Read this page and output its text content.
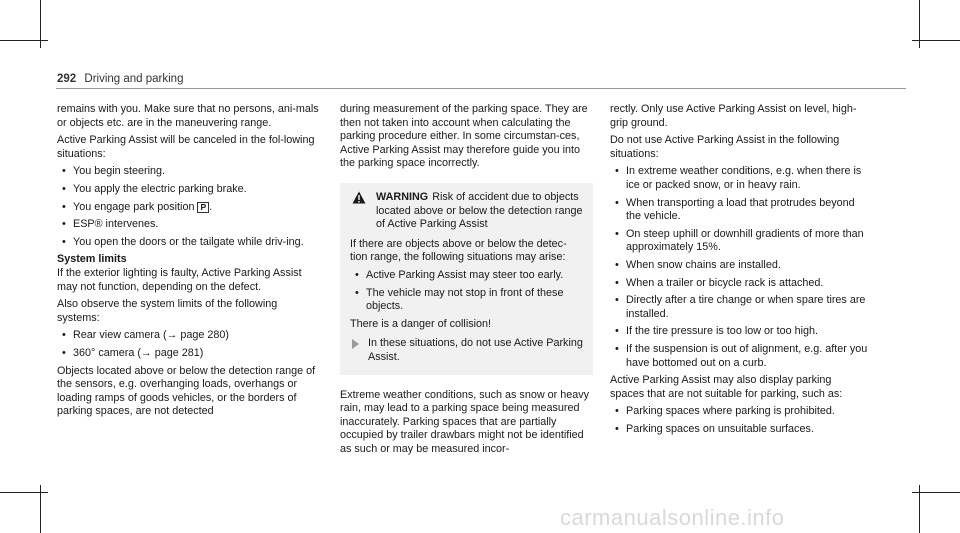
292 Driving and parking

remains with you. Make sure that no persons, ani-mals or objects etc. are in the maneuvering range.

Active Parking Assist will be canceled in the fol-lowing situations:

• You begin steering.
• You apply the electric parking brake.
• You engage park position P .
• ESP® intervenes.
• You open the doors or the tailgate while driv-ing.
System limits

If the exterior lighting is faulty, Active Parking Assist may not function, depending on the defect.

Also observe the system limits of the following systems:

• Rear view camera (→ page 280)
• 360° camera (→ page 281)

Objects located above or below the detection range of the sensors, e.g. overhanging loads, overhangs or loading ramps of goods vehicles, or the borders of parking spaces, are not detected

during measurement of the parking space. They are then not taken into account when calculating the parking procedure either. In some circumstan-ces, Active Parking Assist may therefore guide you into the parking space incorrectly.

WARNING Risk of accident due to objects located above or below the detection range of Active Parking Assist

If there are objects above or below the detec-tion range, the following situations may arise:

• Active Parking Assist may steer too early.
• The vehicle may not stop in front of these objects.

There is a danger of collision!

In these situations, do not use Active Parking Assist.

Extreme weather conditions, such as snow or heavy rain, may lead to a parking space being measured inaccurately. Parking spaces that are partially occupied by trailer drawbars might not be identified as such or may be measured incor-

rectly. Only use Active Parking Assist on level, high-grip ground.

Do not use Active Parking Assist in the following situations:

• In extreme weather conditions, e.g. when there is ice or packed snow, or in heavy rain.
• When transporting a load that protrudes beyond the vehicle.
• On steep uphill or downhill gradients of more than approximately 15%.
• When snow chains are installed.
• When a trailer or bicycle rack is attached.
• Directly after a tire change or when spare tires are installed.
• If the tire pressure is too low or too high.
• If the suspension is out of alignment, e.g. after you have bottomed out on a curb.

Active Parking Assist may also display parking spaces that are not suitable for parking, such as:

• Parking spaces where parking is prohibited.
• Parking spaces on unsuitable surfaces.
carmanualsonline.info
